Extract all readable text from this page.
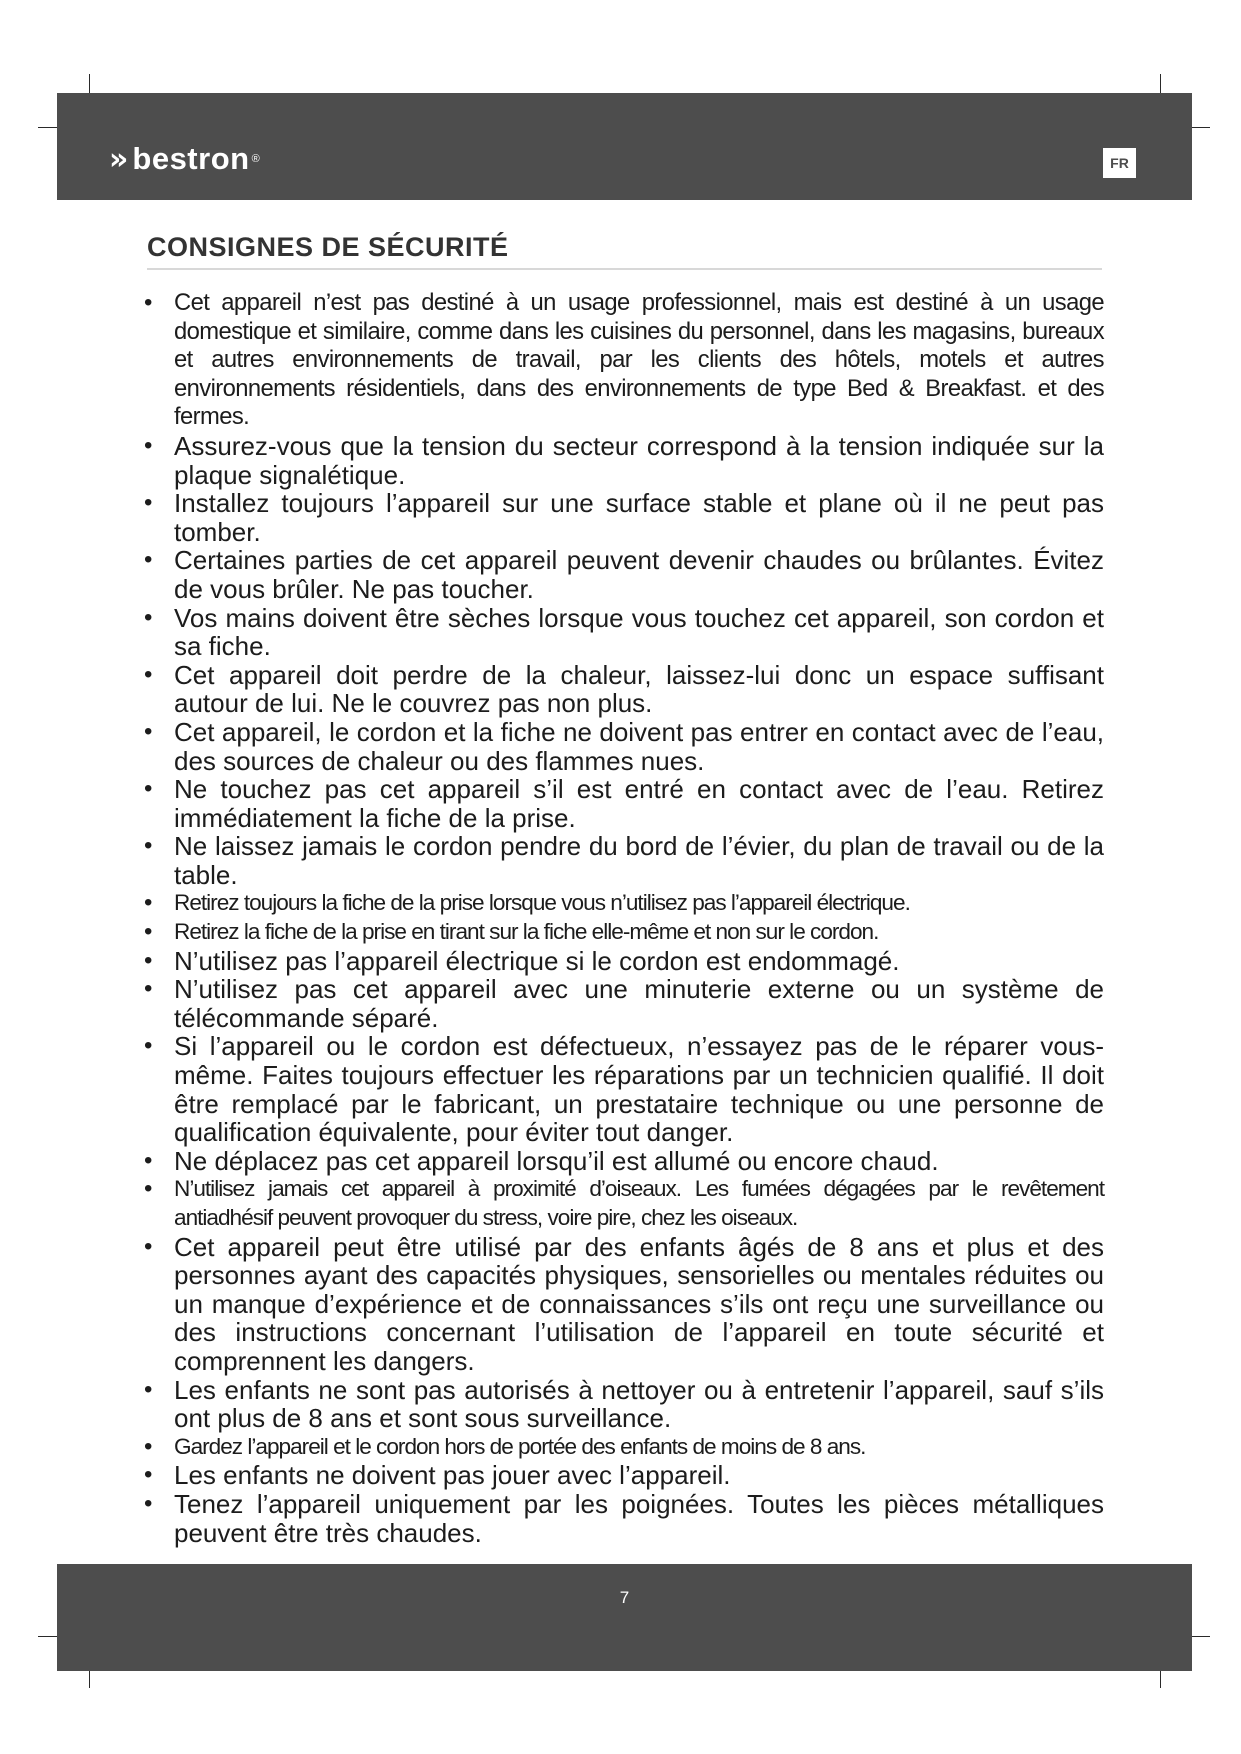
» bestron ®	FR
CONSIGNES DE SÉCURITÉ
• Cet appareil n’est pas destiné à un usage professionnel, mais est destiné à un usage domestique et similaire, comme dans les cuisines du personnel, dans les magasins, bureaux et autres environnements de travail, par les clients des hôtels, motels et autres environnements résidentiels, dans des environnements de type Bed & Breakfast. et des fermes.
• Assurez-vous que la tension du secteur correspond à la tension indiquée sur la plaque signalétique.
• Installez toujours l’appareil sur une surface stable et plane où il ne peut pas tomber.
• Certaines parties de cet appareil peuvent devenir chaudes ou brûlantes. Évitez de vous brûler. Ne pas toucher.
• Vos mains doivent être sèches lorsque vous touchez cet appareil, son cordon et sa fiche.
• Cet appareil doit perdre de la chaleur, laissez-lui donc un espace suffisant autour de lui. Ne le couvrez pas non plus.
• Cet appareil, le cordon et la fiche ne doivent pas entrer en contact avec de l’eau, des sources de chaleur ou des flammes nues.
• Ne touchez pas cet appareil s’il est entré en contact avec de l’eau. Retirez immédiatement la fiche de la prise.
• Ne laissez jamais le cordon pendre du bord de l’évier, du plan de travail ou de la table.
• Retirez toujours la fiche de la prise lorsque vous n’utilisez pas l’appareil électrique.
• Retirez la fiche de la prise en tirant sur la fiche elle-même et non sur le cordon.
• N’utilisez pas l’appareil électrique si le cordon est endommagé.
• N’utilisez pas cet appareil avec une minuterie externe ou un système de télécommande séparé.
• Si l’appareil ou le cordon est défectueux, n’essayez pas de le réparer vous-même. Faites toujours effectuer les réparations par un technicien qualifié. Il doit être remplacé par le fabricant, un prestataire technique ou une personne de qualification équivalente, pour éviter tout danger.
• Ne déplacez pas cet appareil lorsqu’il est allumé ou encore chaud.
• N’utilisez jamais cet appareil à proximité d’oiseaux. Les fumées dégagées par le revêtement antiadhésif peuvent provoquer du stress, voire pire, chez les oiseaux.
• Cet appareil peut être utilisé par des enfants âgés de 8 ans et plus et des personnes ayant des capacités physiques, sensorielles ou mentales réduites ou un manque d’expérience et de connaissances s’ils ont reçu une surveillance ou des instructions concernant l’utilisation de l’appareil en toute sécurité et comprennent les dangers.
• Les enfants ne sont pas autorisés à nettoyer ou à entretenir l’appareil, sauf s’ils ont plus de 8 ans et sont sous surveillance.
• Gardez l’appareil et le cordon hors de portée des enfants de moins de 8 ans.
• Les enfants ne doivent pas jouer avec l’appareil.
• Tenez l’appareil uniquement par les poignées. Toutes les pièces métalliques peuvent être très chaudes.
7
